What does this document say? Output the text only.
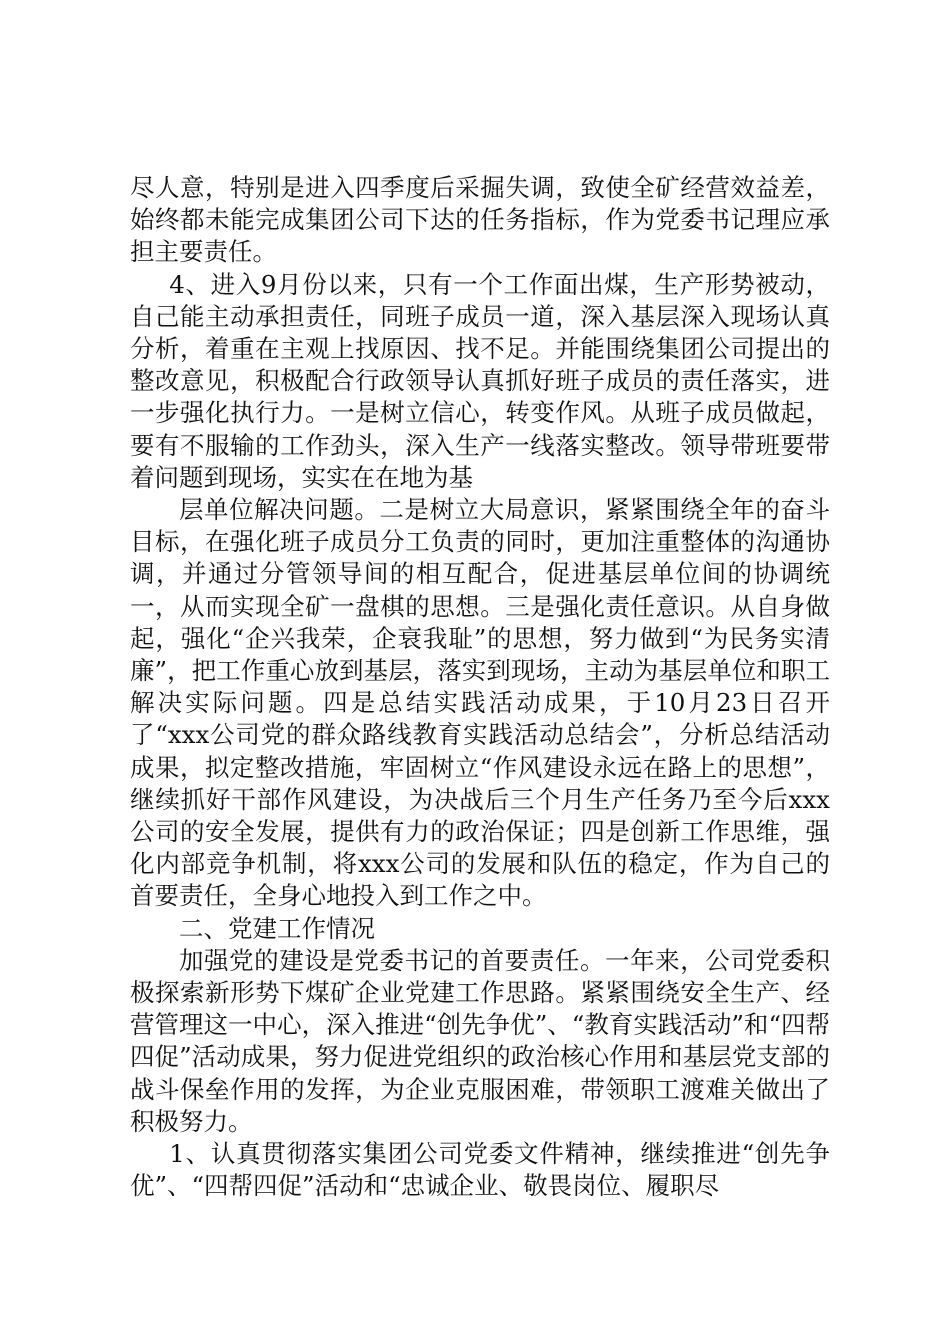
尽人意，特别是进入四季度后采掘失调，致使全矿经营效益差，始终都未能完成集团公司下达的任务指标，作为党委书记理应承担主要责任。

4、进入9月份以来，只有一个工作面出煤，生产形势被动，自己能主动承担责任，同班子成员一道，深入基层深入现场认真分析，着重在主观上找原因、找不足。并能围绕集团公司提出的整改意见，积极配合行政领导认真抓好班子成员的责任落实，进一步强化执行力。一是树立信心，转变作风。从班子成员做起，要有不服输的工作劲头，深入生产一线落实整改。领导带班要带着问题到现场，实实在在地为基

层单位解决问题。二是树立大局意识，紧紧围绕全年的奋斗目标，在强化班子成员分工负责的同时，更加注重整体的沟通协调，并通过分管领导间的相互配合，促进基层单位间的协调统一，从而实现全矿一盘棋的思想。三是强化责任意识。从自身做起，强化“企兴我荣，企衰我耻”的思想，努力做到“为民务实清廉”，把工作重心放到基层，落实到现场，主动为基层单位和职工解决实际问题。四是总结实践活动成果，于10月23日召开了“xxx公司党的群众路线教育实践活动总结会”，分析总结活动成果，拟定整改措施，牢固树立“作风建设永远在路上的思想”，继续抓好干部作风建设，为决战后三个月生产任务乃至今后xxx公司的安全发展，提供有力的政治保证；四是创新工作思维，强化内部竞争机制，将xxx公司的发展和队伍的稳定，作为自己的首要责任，全身心地投入到工作之中。

二、党建工作情况

加强党的建设是党委书记的首要责任。一年来，公司党委积极探索新形势下煤矿企业党建工作思路。紧紧围绕安全生产、经营管理这一中心，深入推进“创先争优”、“教育实践活动”和“四帮四促”活动成果，努力促进党组织的政治核心作用和基层党支部的战斗保垒作用的发挥，为企业克服困难，带领职工渡难关做出了积极努力。

1、认真贯彻落实集团公司党委文件精神，继续推进“创先争优”、“四帮四促”活动和“忠诚企业、敬畏岗位、履职尽
